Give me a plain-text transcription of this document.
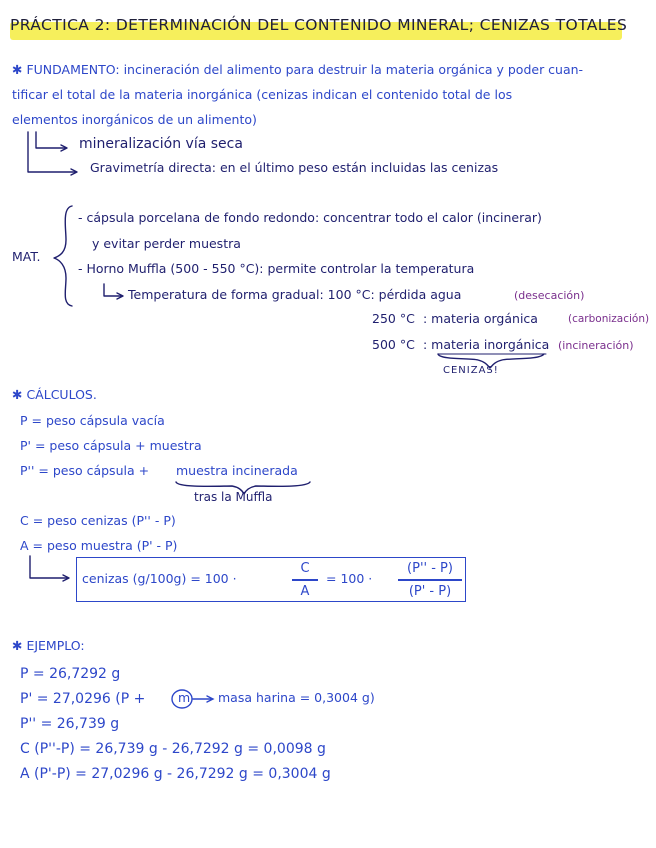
PRÁCTICA 2: DETERMINACIÓN DEL CONTENIDO MINERAL; CENIZAS TOTALES
✱ FUNDAMENTO: incineración del alimento para destruir la materia orgánica y poder cuan-
tificar el total de la materia inorgánica (cenizas indican el contenido total de los
elementos inorgánicos de un alimento)
mineralización vía seca
Gravimetría directa: en el último peso están incluidas las cenizas
MAT.
- cápsula porcelana de fondo redondo: concentrar todo el calor (incinerar)
y evitar perder muestra
- Horno Muffla (500 - 550 °C): permite controlar la temperatura
Temperatura de forma gradual: 100 °C: pérdida agua	(desecación)
250 °C : materia orgánica	(carbonización)
500 °C : materia inorgánica (incineración)
CENIZAS!
✱ CÁLCULOS.
P = peso cápsula vacía
P' = peso cápsula + muestra
P'' = peso cápsula + muestra incinerada
tras la Muffla
C = peso cenizas (P'' - P)
A = peso muestra (P' - P)
cenizas (g/100g) = 100 ·
C
A
= 100 ·
(P'' - P)
(P' - P)
✱ EJEMPLO:
P = 26,7292 g
P' = 27,0296 (P +	m masa harina = 0,3004 g)
P'' = 26,739 g
C (P''-P) = 26,739 g - 26,7292 g = 0,0098 g
A (P'-P) = 27,0296 g - 26,7292 g = 0,3004 g
